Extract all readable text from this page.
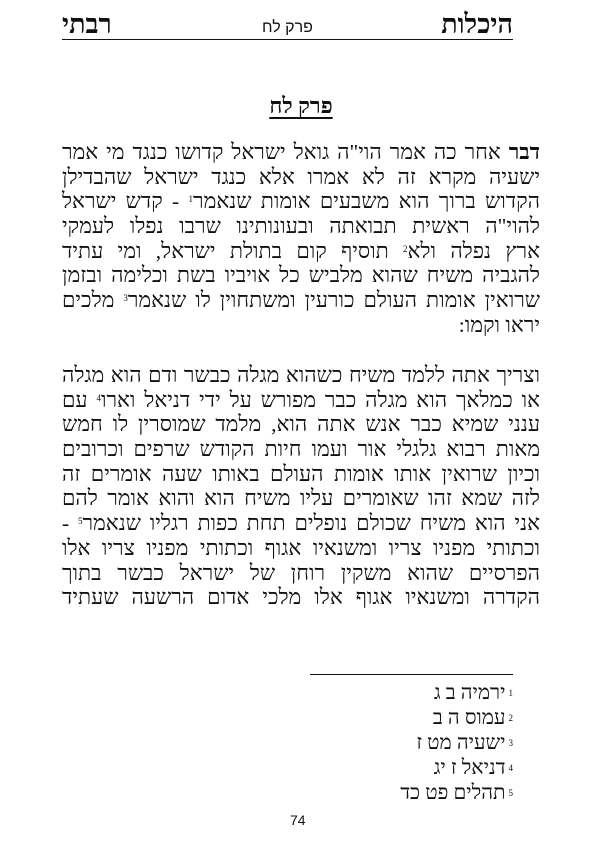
היכלות
פרק לח
רבתי
פרק לח
דבר אחר כה אמר הוי"ה גואל ישראל קדושו כנגד מי אמר
ישעיה מקרא זה לא אמרו אלא כנגד ישראל שהבדילן
הקדוש ברוך הוא משבעים אומות שנאמר$^1$ - קדש ישראל
להוי"ה ראשית תבואתה ובעונותינו שרבו נפלו לעמקי
ארץ נפלה ולא$^2$ תוסיף קום בתולת ישראל, ומי עתיד
להגביה משיח שהוא מלביש כל אויביו בשת וכלימה ובזמן
שרואין אומות העולם כורעין ומשתחוין לו שנאמר$^3$ מלכים
יראו וקמו:
וצריך אתה ללמד משיח כשהוא מגלה כבשר ודם הוא מגלה
או כמלאך הוא מגלה כבר מפורש על ידי דניאל וארו$^4$ עם
ענני שמיא כבר אנש אתה הוא, מלמד שמוסרין לו חמש
מאות רבוא גלגלי אור ועמו חיות הקודש שרפים וכרובים
וכיון שרואין אותו אומות העולם באותו שעה אומרים זה
לזה שמא זהו שאומרים עליו משיח הוא והוא אומר להם
אני הוא משיח שכולם נופלים תחת כפות רגליו שנאמר$^5$ -
וכתותי מפניו צריו ומשנאיו אגוף וכתותי מפניו צריו אלו
הפרסיים שהוא משקין רוחן של ישראל כבשר בתוך
הקדרה ומשנאיו אגוף אלו מלכי אדום הרשעה שעתיד
$^1$ירמיה ב ג
$^2$עמוס ה ב
$^3$ישעיה מט ז
$^4$דניאל ז יג
$^5$תהלים פט כד
74
